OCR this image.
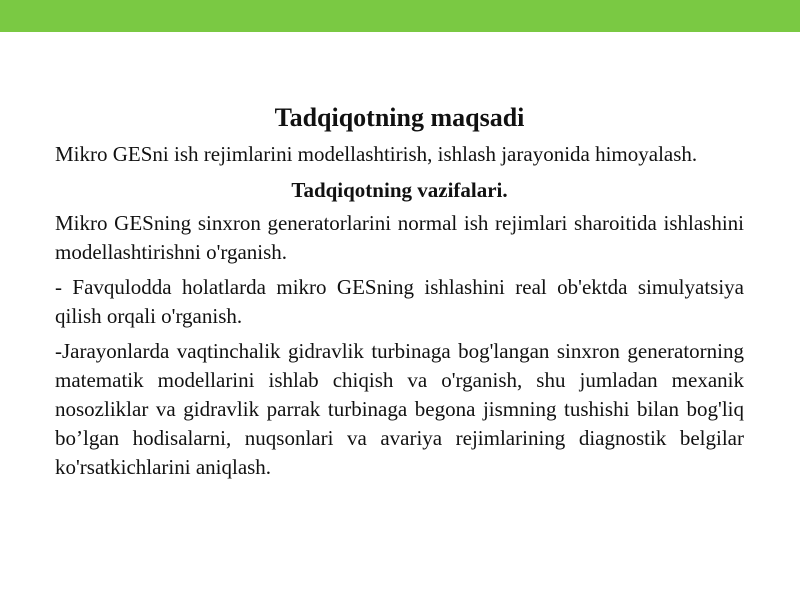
Tadqiqotning maqsadi
Mikro GESni ish rejimlarini modellashtirish, ishlash jarayonida himoyalash.
Tadqiqotning vazifalari.
Mikro GESning sinxron generatorlarini normal ish rejimlari sharoitida ishlashini modellashtirishni o'rganish.
- Favqulodda holatlarda mikro GESning ishlashini real ob'ektda simulyatsiya qilish orqali o'rganish.
-Jarayonlarda vaqtinchalik gidravlik turbinaga bog'langan sinxron generatorning matematik modellarini ishlab chiqish va o'rganish, shu jumladan mexanik nosozliklar va gidravlik parrak turbinaga begona jismning tushishi bilan bog'liq bo’lgan hodisalarni, nuqsonlari va avariya rejimlarining diagnostik belgilar ko'rsatkichlarini aniqlash.
